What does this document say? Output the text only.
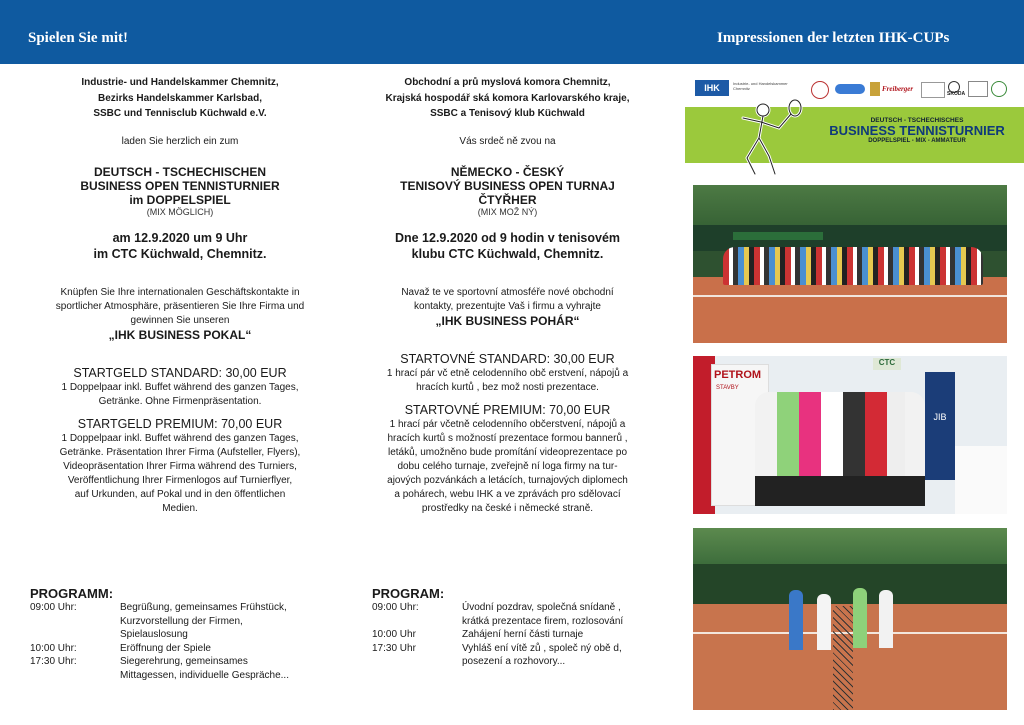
Spielen Sie mit!	Impressionen der letzten IHK-CUPs
Industrie- und Handelskammer Chemnitz,
Bezirks Handelskammer Karlsbad,
SSBC und Tennisclub Küchwald e.V.
laden Sie herzlich ein zum
DEUTSCH - TSCHECHISCHEN
BUSINESS OPEN TENNISTURNIER
im DOPPELSPIEL
(MIX MÖGLICH)
am 12.9.2020 um 9 Uhr
im CTC Küchwald, Chemnitz.
Knüpfen Sie Ihre internationalen Geschäftskontakte in
sportlicher Atmosphäre, präsentieren Sie Ihre Firma und
gewinnen Sie unseren
„IHK BUSINESS POKAL“
STARTGELD STANDARD: 30,00 EUR
1 Doppelpaar inkl. Buffet während des ganzen Tages,
Getränke. Ohne Firmenpräsentation.
STARTGELD PREMIUM: 70,00 EUR
1 Doppelpaar inkl. Buffet während des ganzen Tages,
Getränke. Präsentation Ihrer Firma (Aufsteller, Flyers),
Videopräsentation Ihrer Firma während des Turniers,
Veröffentlichung Ihrer Firmenlogos auf Turnierflyer,
auf Urkunden, auf Pokal und in den öffentlichen
Medien.
PROGRAMM:
09:00 Uhr:	Begrüßung, gemeinsames Frühstück,
Kurzvorstellung der Firmen,
Spielauslosung
10:00 Uhr:	Eröffnung der Spiele
17:30 Uhr:	Siegerehrung, gemeinsames
Mittagessen, individuelle Gespräche...
Obchodní a prů myslová komora Chemnitz,
Krajská hospodář ská komora Karlovarského kraje,
SSBC a Tenisový klub Küchwald
Vás srdeč ně zvou na
NĚMECKO - ČESKÝ
TENISOVÝ BUSINESS OPEN TURNAJ
ČTYŘHER
(MIX MOŽ NÝ)
Dne 12.9.2020 od 9 hodin v tenisovém
klubu CTC Küchwald, Chemnitz.
Navaž te ve sportovní atmosféře nové obchodní
kontakty, prezentujte Vaš i firmu a vyhrajte
„IHK BUSINESS POHÁR“
STARTOVNÉ STANDARD: 30,00 EUR
1 hrací pár vč etně celodenního obč erstvení, nápojů a
hracích kurtů , bez mož nosti prezentace.
STARTOVNÉ PREMIUM: 70,00 EUR
1 hrací pár včetně celodenního občerstvení, nápojů a
hracích kurtů s možností prezentace formou bannerů ,
letáků, umožněno bude promítání videoprezentace po
dobu celého turnaje, zveřejně ní loga firmy na tur-
ajových pozvánkách a letácích, turnajových diplomech
a pohárech, webu IHK a ve zprávách pro sdělovací
prostředky na české i německé straně.
PROGRAM:
09:00 Uhr:	Úvodní pozdrav, společná snídaně ,
krátká prezentace firem, rozlosování
10:00 Uhr	Zahájení herní části turnaje
17:30 Uhr	Vyhláš ení vítě zů , společ ný obě d,
posezení a rozhovory...
IHK	Industrie- und Handelskammer Chemnitz	Freiberger
SKODA
DEUTSCH - TSCHECHISCHES
BUSINESS TENNISTURNIER
DOPPELSPIEL - MIX - AMMATEUR
PETROM
STAVBY
CTC
JIB
